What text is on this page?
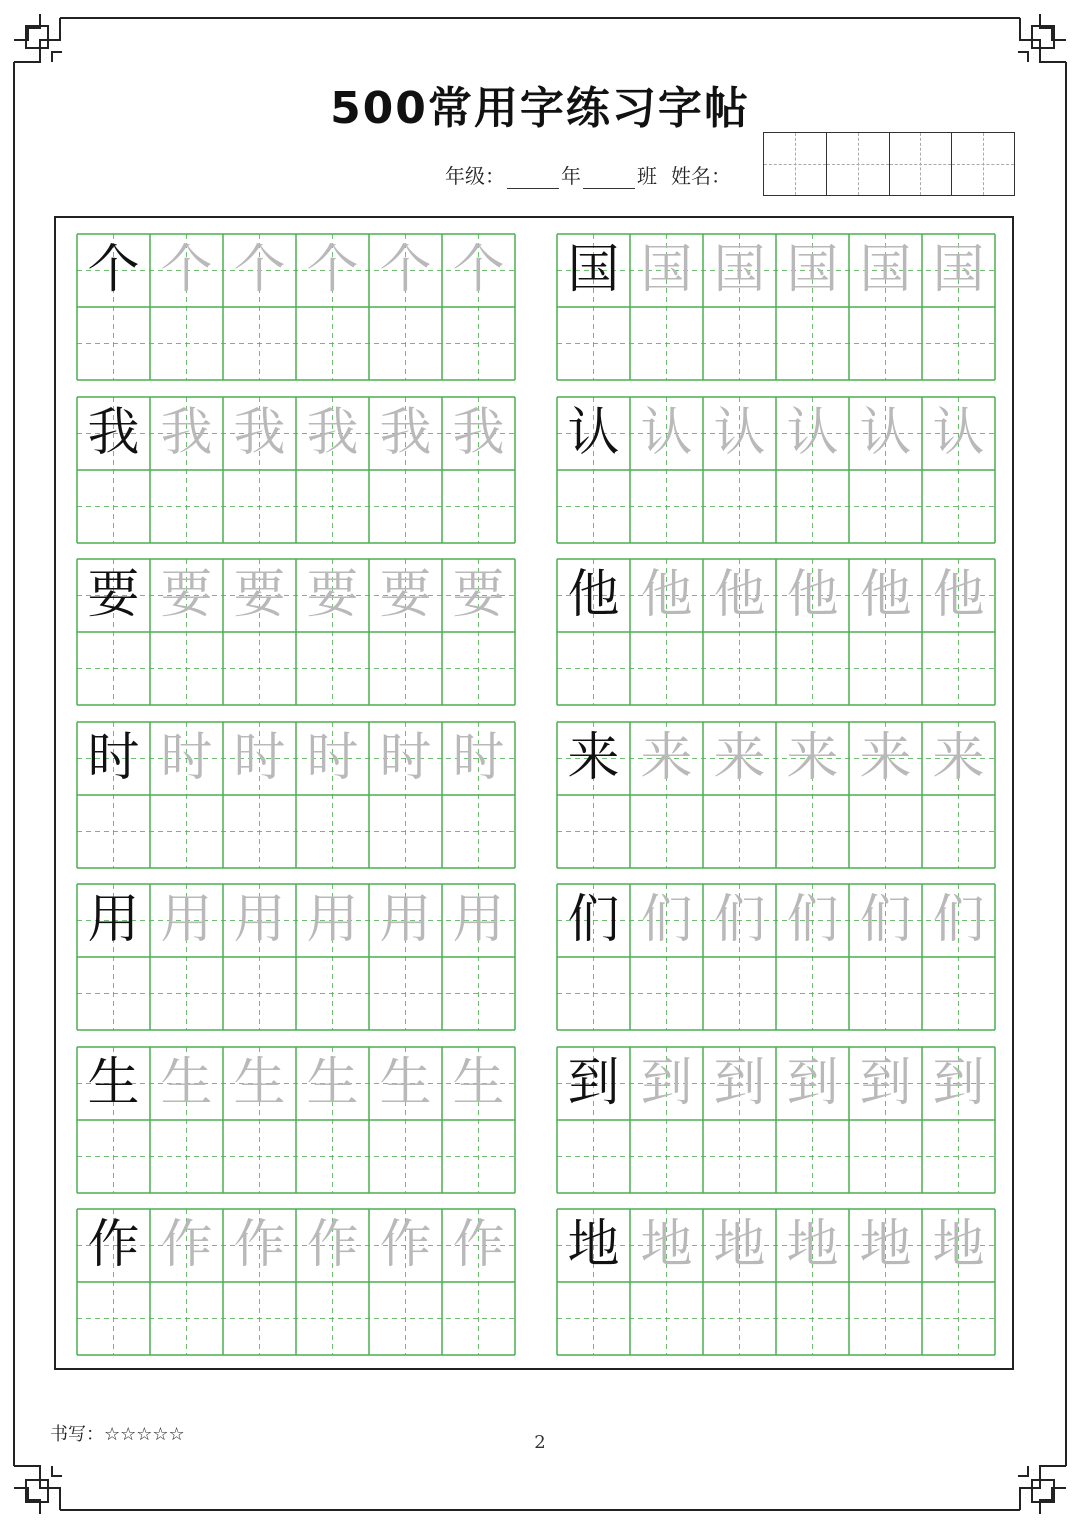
500常用字练习字帖
年级：	年	班 姓名：
个 个 个 个 个 个
我 我 我 我 我 我
要 要 要 要 要 要
时 时 时 时 时 时
用 用 用 用 用 用
生 生 生 生 生 生
作 作 作 作 作 作
国 国 国 国 国 国
认 认 认 认 认 认
他 他 他 他 他 他
来 来 来 来 来 来
们 们 们 们 们 们
到 到 到 到 到 到
地 地 地 地 地 地
书写：☆☆☆☆☆	2
